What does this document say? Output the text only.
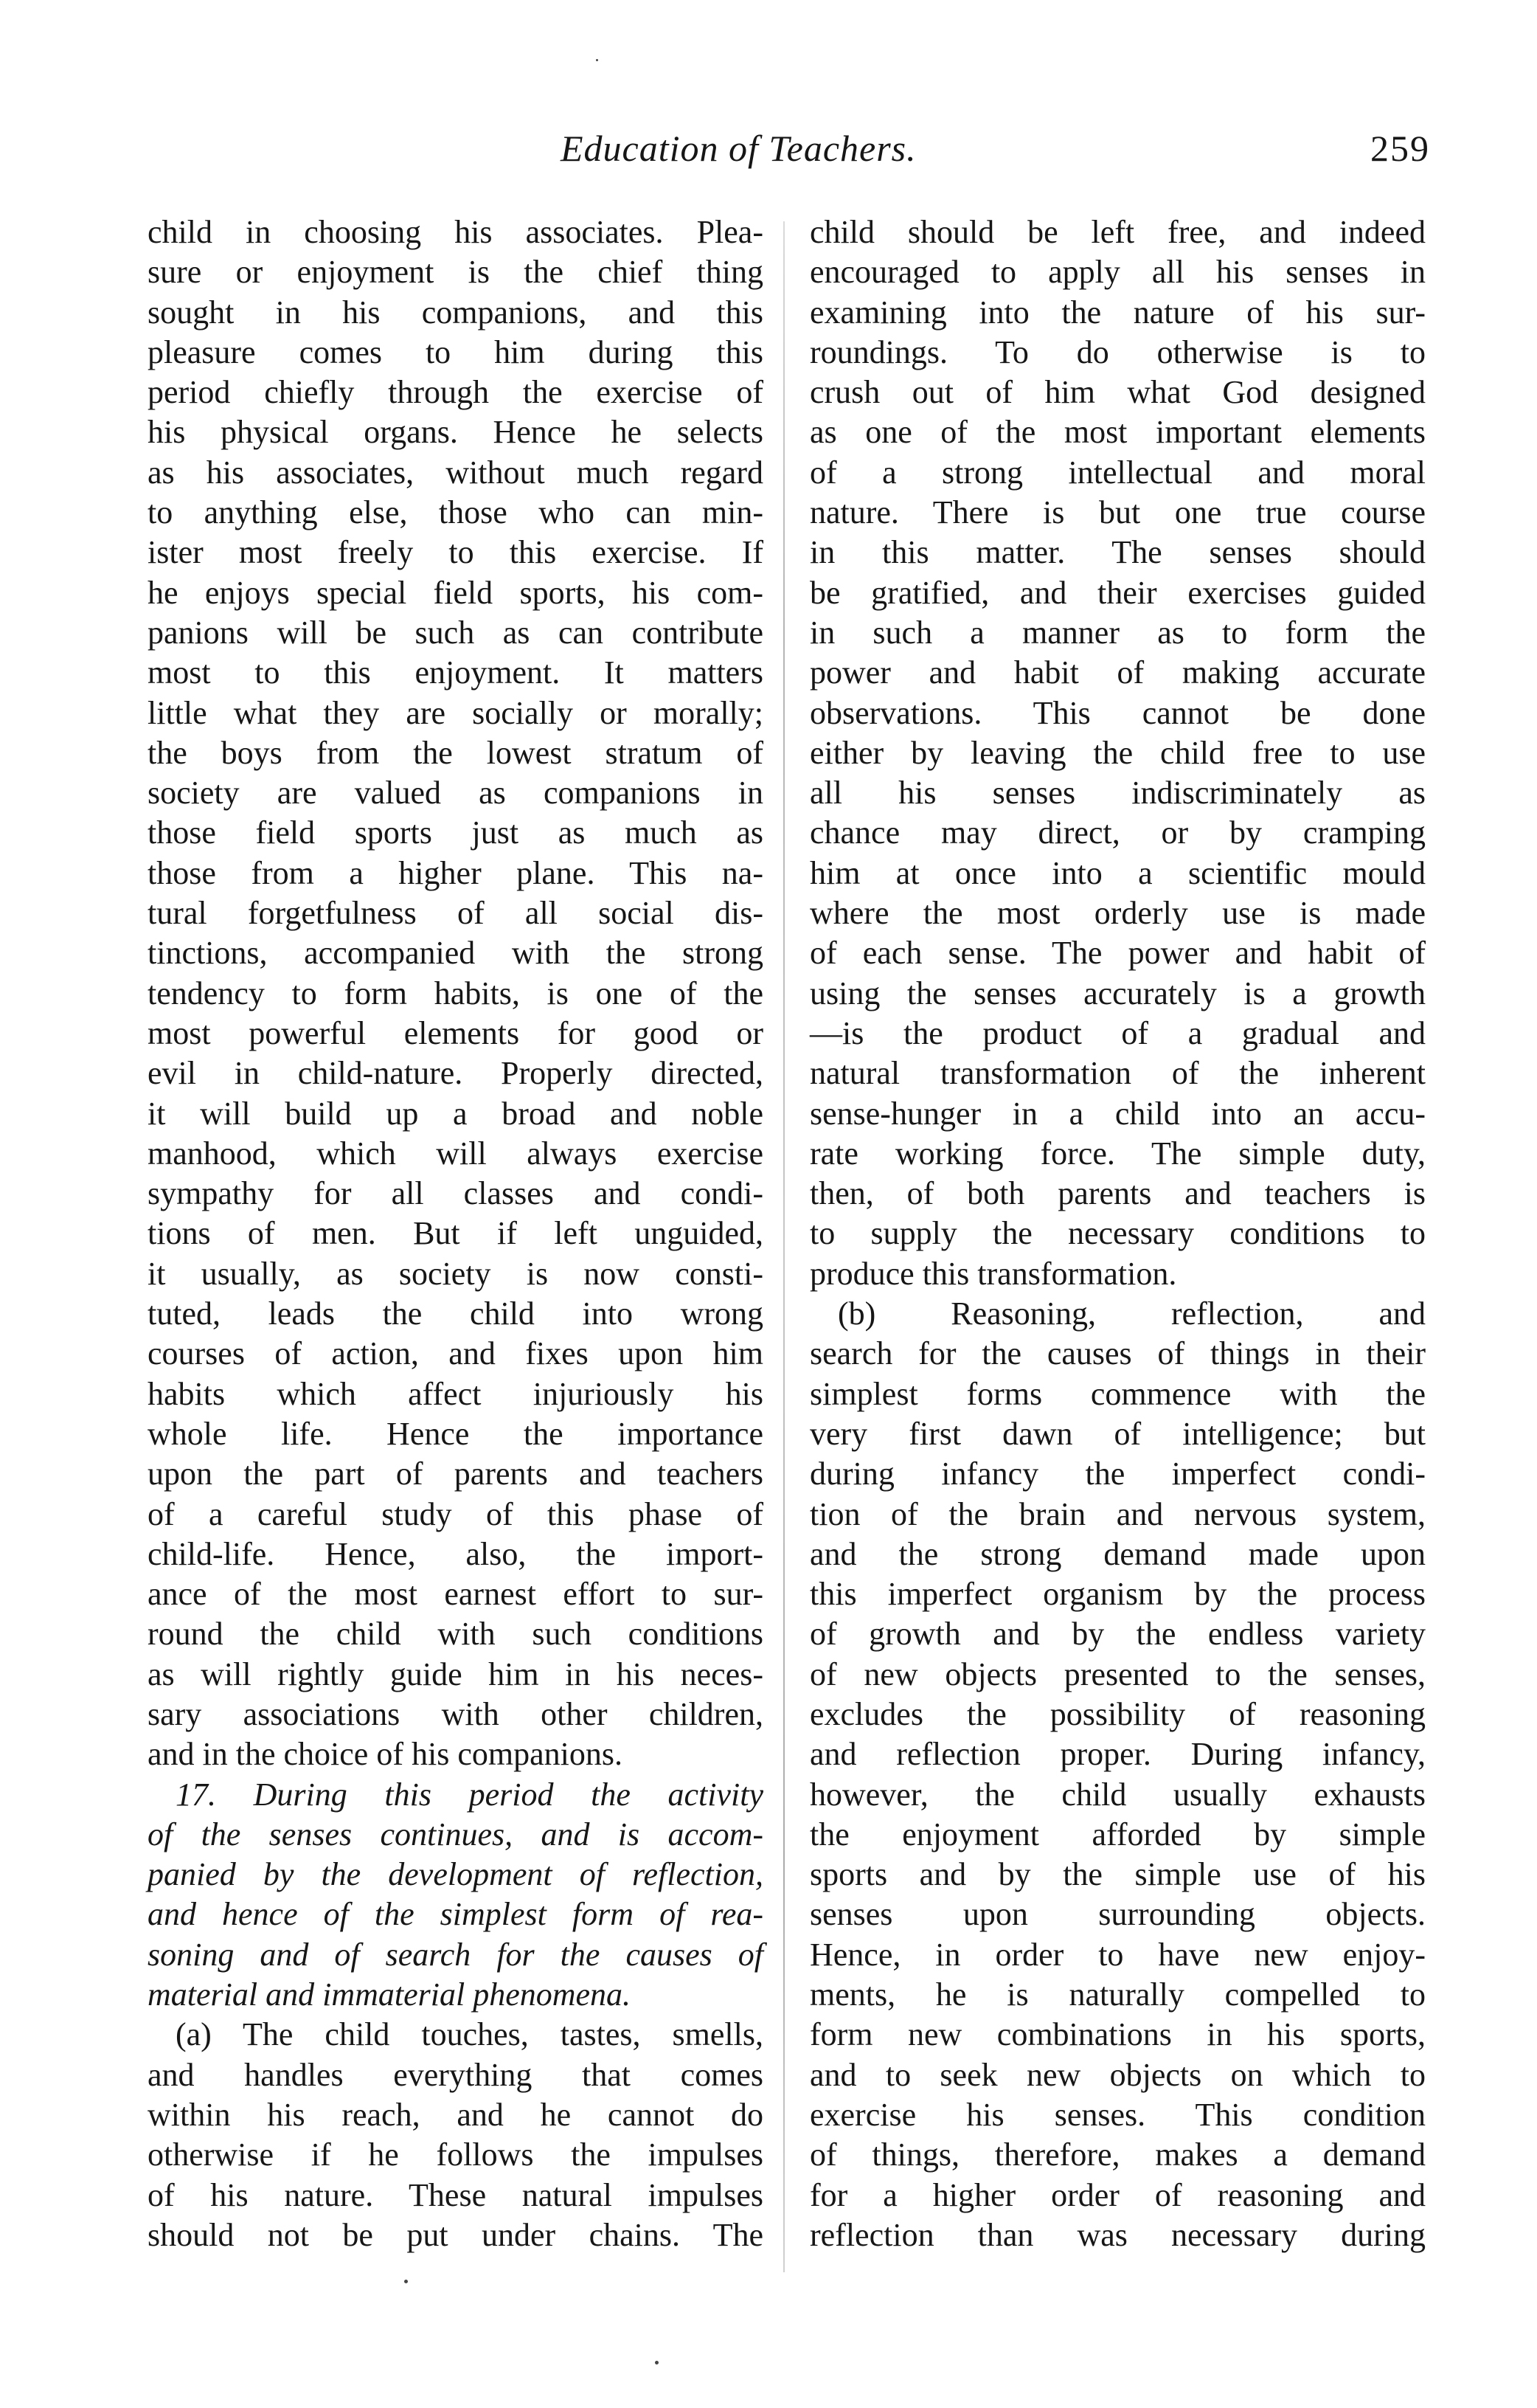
Education of Teachers.	259
child in choosing his associates. Plea-
sure or enjoyment is the chief thing
sought in his companions, and this
pleasure comes to him during this
period chiefly through the exercise of
his physical organs. Hence he selects
as his associates, without much regard
to anything else, those who can min-
ister most freely to this exercise. If
he enjoys special field sports, his com-
panions will be such as can contribute
most to this enjoyment. It matters
little what they are socially or morally;
the boys from the lowest stratum of
society are valued as companions in
those field sports just as much as
those from a higher plane. This na-
tural forgetfulness of all social dis-
tinctions, accompanied with the strong
tendency to form habits, is one of the
most powerful elements for good or
evil in child-nature. Properly directed,
it will build up a broad and noble
manhood, which will always exercise
sympathy for all classes and condi-
tions of men. But if left unguided,
it usually, as society is now consti-
tuted, leads the child into wrong
courses of action, and fixes upon him
habits which affect injuriously his
whole life. Hence the importance
upon the part of parents and teachers
of a careful study of this phase of
child-life. Hence, also, the import-
ance of the most earnest effort to sur-
round the child with such conditions
as will rightly guide him in his neces-
sary associations with other children,
and in the choice of his companions.
17. During this period the activity
of the senses continues, and is accom-
panied by the development of reflection,
and hence of the simplest form of rea-
soning and of search for the causes of
material and immaterial phenomena.
(a) The child touches, tastes, smells,
and handles everything that comes
within his reach, and he cannot do
otherwise if he follows the impulses
of his nature. These natural impulses
should not be put under chains. The
child should be left free, and indeed
encouraged to apply all his senses in
examining into the nature of his sur-
roundings. To do otherwise is to
crush out of him what God designed
as one of the most important elements
of a strong intellectual and moral
nature. There is but one true course
in this matter. The senses should
be gratified, and their exercises guided
in such a manner as to form the
power and habit of making accurate
observations. This cannot be done
either by leaving the child free to use
all his senses indiscriminately as
chance may direct, or by cramping
him at once into a scientific mould
where the most orderly use is made
of each sense. The power and habit of
using the senses accurately is a growth
—is the product of a gradual and
natural transformation of the inherent
sense-hunger in a child into an accu-
rate working force. The simple duty,
then, of both parents and teachers is
to supply the necessary conditions to
produce this transformation.
(b) Reasoning, reflection, and
search for the causes of things in their
simplest forms commence with the
very first dawn of intelligence; but
during infancy the imperfect condi-
tion of the brain and nervous system,
and the strong demand made upon
this imperfect organism by the process
of growth and by the endless variety
of new objects presented to the senses,
excludes the possibility of reasoning
and reflection proper. During infancy,
however, the child usually exhausts
the enjoyment afforded by simple
sports and by the simple use of his
senses upon surrounding objects.
Hence, in order to have new enjoy-
ments, he is naturally compelled to
form new combinations in his sports,
and to seek new objects on which to
exercise his senses. This condition
of things, therefore, makes a demand
for a higher order of reasoning and
reflection than was necessary during
